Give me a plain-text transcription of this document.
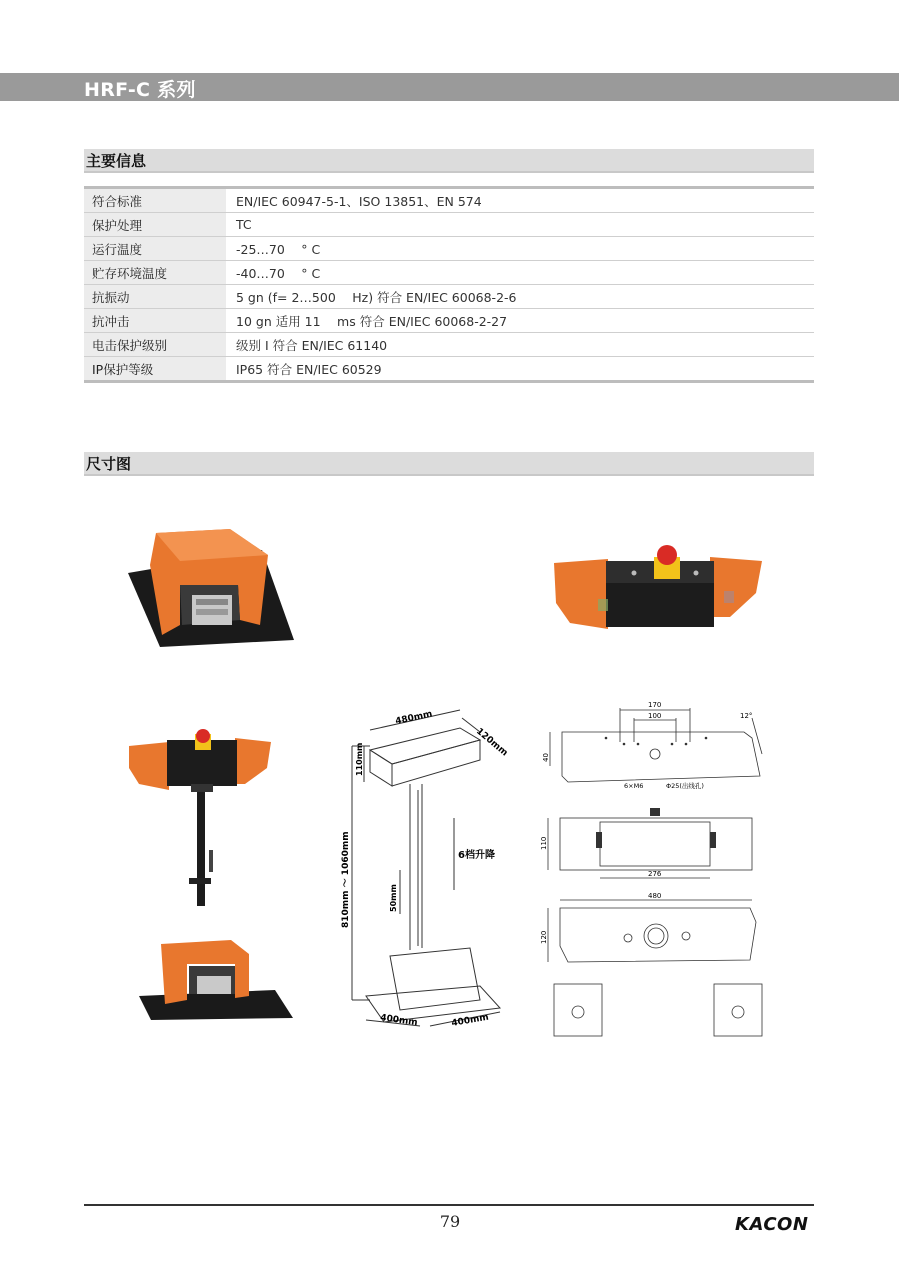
HRF-C 系列
主要信息
符合标准	EN/IEC 60947-5-1、ISO 13851、EN 574
保护处理	TC
运行温度	-25…70　 ° C
贮存环境温度	-40…70　 ° C
抗振动	5 gn (f= 2…500　 Hz) 符合 EN/IEC 60068-2-6
抗冲击	10 gn 适用 11　 ms 符合 EN/IEC 60068-2-27
电击保护级别	级别 I 符合 EN/IEC 61140
IP保护等级	IP65 符合 EN/IEC 60529
尺寸图
480mm
120mm
110mm
810mm ～ 1060mm	50mm
6档升降
400mm	400mm
170
100	12°
40
6×M6	Φ25(出线孔)
110
276
480
120
79	KACON
